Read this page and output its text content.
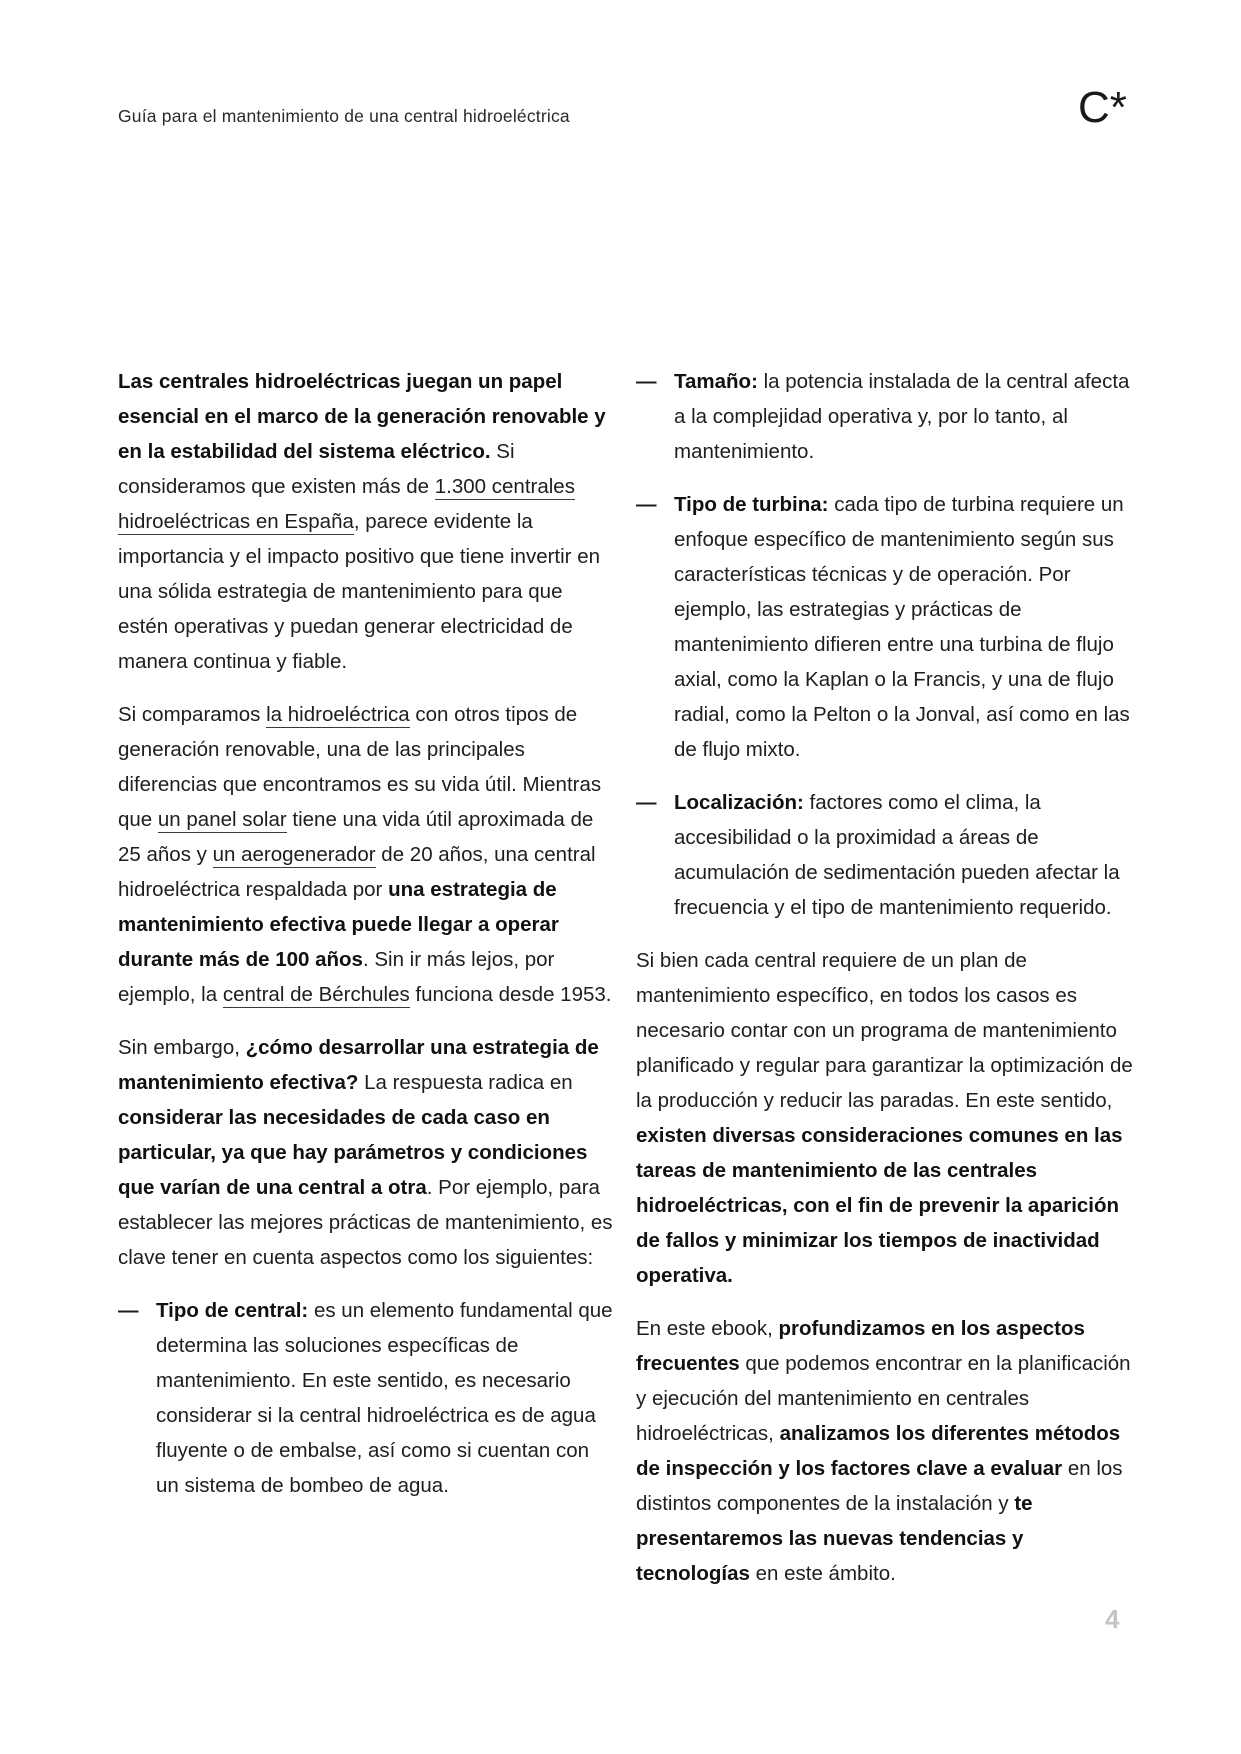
Guía para el mantenimiento de una central hidroeléctrica	C*

Las centrales hidroeléctricas juegan un papel esencial en el marco de la generación renovable y en la estabilidad del sistema eléctrico. Si consideramos que existen más de 1.300 centrales hidroeléctricas en España, parece evidente la importancia y el impacto positivo que tiene invertir en una sólida estrategia de mantenimiento para que estén operativas y puedan generar electricidad de manera continua y fiable.

Si comparamos la hidroeléctrica con otros tipos de generación renovable, una de las principales diferencias que encontramos es su vida útil. Mientras que un panel solar tiene una vida útil aproximada de 25 años y un aerogenerador de 20 años, una central hidroeléctrica respaldada por una estrategia de mantenimiento efectiva puede llegar a operar durante más de 100 años. Sin ir más lejos, por ejemplo, la central de Bérchules funciona desde 1953.

Sin embargo, ¿cómo desarrollar una estrategia de mantenimiento efectiva? La respuesta radica en considerar las necesidades de cada caso en particular, ya que hay parámetros y condiciones que varían de una central a otra. Por ejemplo, para establecer las mejores prácticas de mantenimiento, es clave tener en cuenta aspectos como los siguientes:

— Tipo de central: es un elemento fundamental que determina las soluciones específicas de mantenimiento. En este sentido, es necesario considerar si la central hidroeléctrica es de agua fluyente o de embalse, así como si cuentan con un sistema de bombeo de agua.
— Tamaño: la potencia instalada de la central afecta a la complejidad operativa y, por lo tanto, al mantenimiento.
— Tipo de turbina: cada tipo de turbina requiere un enfoque específico de mantenimiento según sus características técnicas y de operación. Por ejemplo, las estrategias y prácticas de mantenimiento difieren entre una turbina de flujo axial, como la Kaplan o la Francis, y una de flujo radial, como la Pelton o la Jonval, así como en las de flujo mixto.
— Localización: factores como el clima, la accesibilidad o la proximidad a áreas de acumulación de sedimentación pueden afectar la frecuencia y el tipo de mantenimiento requerido.

Si bien cada central requiere de un plan de mantenimiento específico, en todos los casos es necesario contar con un programa de mantenimiento planificado y regular para garantizar la optimización de la producción y reducir las paradas. En este sentido, existen diversas consideraciones comunes en las tareas de mantenimiento de las centrales hidroeléctricas, con el fin de prevenir la aparición de fallos y minimizar los tiempos de inactividad operativa.

En este ebook, profundizamos en los aspectos frecuentes que podemos encontrar en la planificación y ejecución del mantenimiento en centrales hidroeléctricas, analizamos los diferentes métodos de inspección y los factores clave a evaluar en los distintos componentes de la instalación y te presentaremos las nuevas tendencias y tecnologías en este ámbito.

4
